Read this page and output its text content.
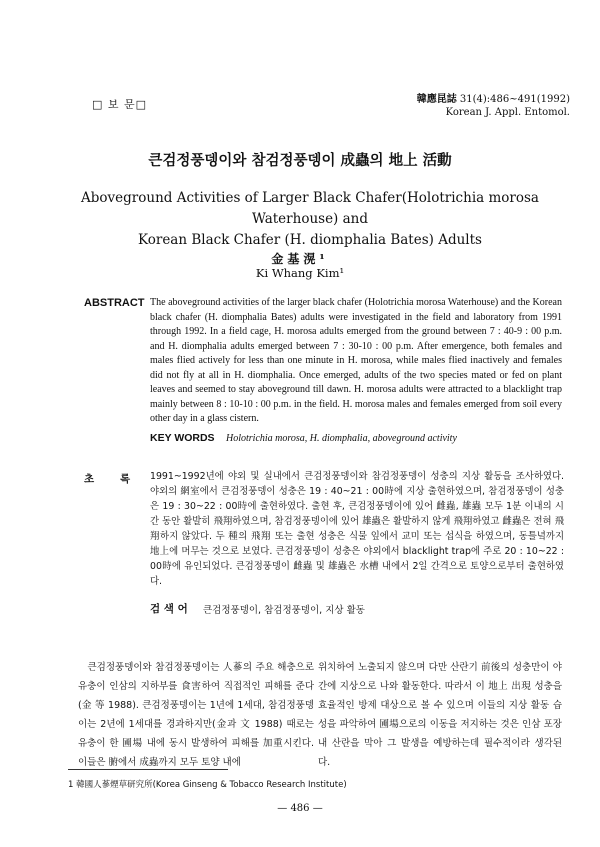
□ 보 문□	韓應昆誌 31(4):486~491(1992)
Korean J. Appl. Entomol.
큰검정풍뎅이와 참검정풍뎅이 成蟲의 地上 活動
Aboveground Activities of Larger Black Chafer(Holotrichia morosa Waterhouse) and
Korean Black Chafer (H. diomphalia Bates) Adults
金基滉¹
Ki Whang Kim¹
ABSTRACT The aboveground activities of the larger black chafer (Holotrichia morosa Waterhouse) and the Korean black chafer (H. diomphalia Bates) adults were investigated in the field and laboratory from 1991 through 1992. In a field cage, H. morosa adults emerged from the ground between 7 : 40-9 : 00 p.m. and H. diomphalia adults emerged between 7 : 30-10 : 00 p.m. After emergence, both females and males flied actively for less than one minute in H. morosa, while males flied inactively and females did not fly at all in H. diomphalia. Once emerged, adults of the two species mated or fed on plant leaves and seemed to stay aboveground till dawn. H. morosa adults were attracted to a blacklight trap mainly between 8 : 10-10 : 00 p.m. in the field. H. morosa males and females emerged from soil every other day in a glass cistern.
KEY WORDS Holotrichia morosa, H. diomphalia, aboveground activity
초 록 1991~1992년에 야외 및 실내에서 큰검정풍뎅이와 참검정풍뎅이 성충의 지상 활동을 조사하였다. 야외의 網室에서 큰검정풍뎅이 성충은 19 : 40~21 : 00時에 지상 출현하였으며, 참검정풍뎅이 성충은 19 : 30~22 : 00時에 출현하였다. 출현 후, 큰검정풍뎅이에 있어 雌蟲, 雄蟲 모두 1분 이내의 시간 동안 활발히 飛翔하였으며, 참검정풍뎅이에 있어 雄蟲은 활발하지 않게 飛翔하였고 雌蟲은 전혀 飛翔하지 않았다. 두 種의 飛翔 또는 출현 성충은 식물 잎에서 교미 또는 섭식을 하였으며, 동틀녘까지 地上에 머무는 것으로 보였다. 큰검정풍뎅이 성충은 야외에서 blacklight trap에 주로 20 : 10~22 : 00時에 유인되었다. 큰검정풍뎅이 雌蟲 및 雄蟲은 水槽 내에서 2일 간격으로 토양으로부터 출현하였다.
검 색 어 큰검정풍뎅이, 참검정풍뎅이, 지상 활동
큰검정풍뎅이와 참검정풍뎅이는 人蔘의 주요 해충으로 유충이 인삼의 지하부를 食害하여 직접적인 피해를 준다(金 等 1988). 큰검정풍뎅이는 1년에 1세대, 참검정풍뎅이는 2년에 1세대를 경과하지만(金과 文 1988) 때로는 유충이 한 圃場 내에 동시 발생하여 피해를 加重시킨다. 이들은 腑에서 成蟲까지 모두 토양 내에
위치하여 노출되지 않으며 다만 산란기 前後의 성충만이 야간에 지상으로 나와 활동한다. 따라서 이 地上 出現 성충을 효율적인 방제 대상으로 볼 수 있으며 이들의 지상 활동 습성을 파악하여 圃場으로의 이동을 저지하는 것은 인삼 포장내 산란을 막아 그 발생을 예방하는데 필수적이라 생각된다.
1 韓國人蔘煙草研究所(Korea Ginseng & Tobacco Research Institute)
— 486 —
